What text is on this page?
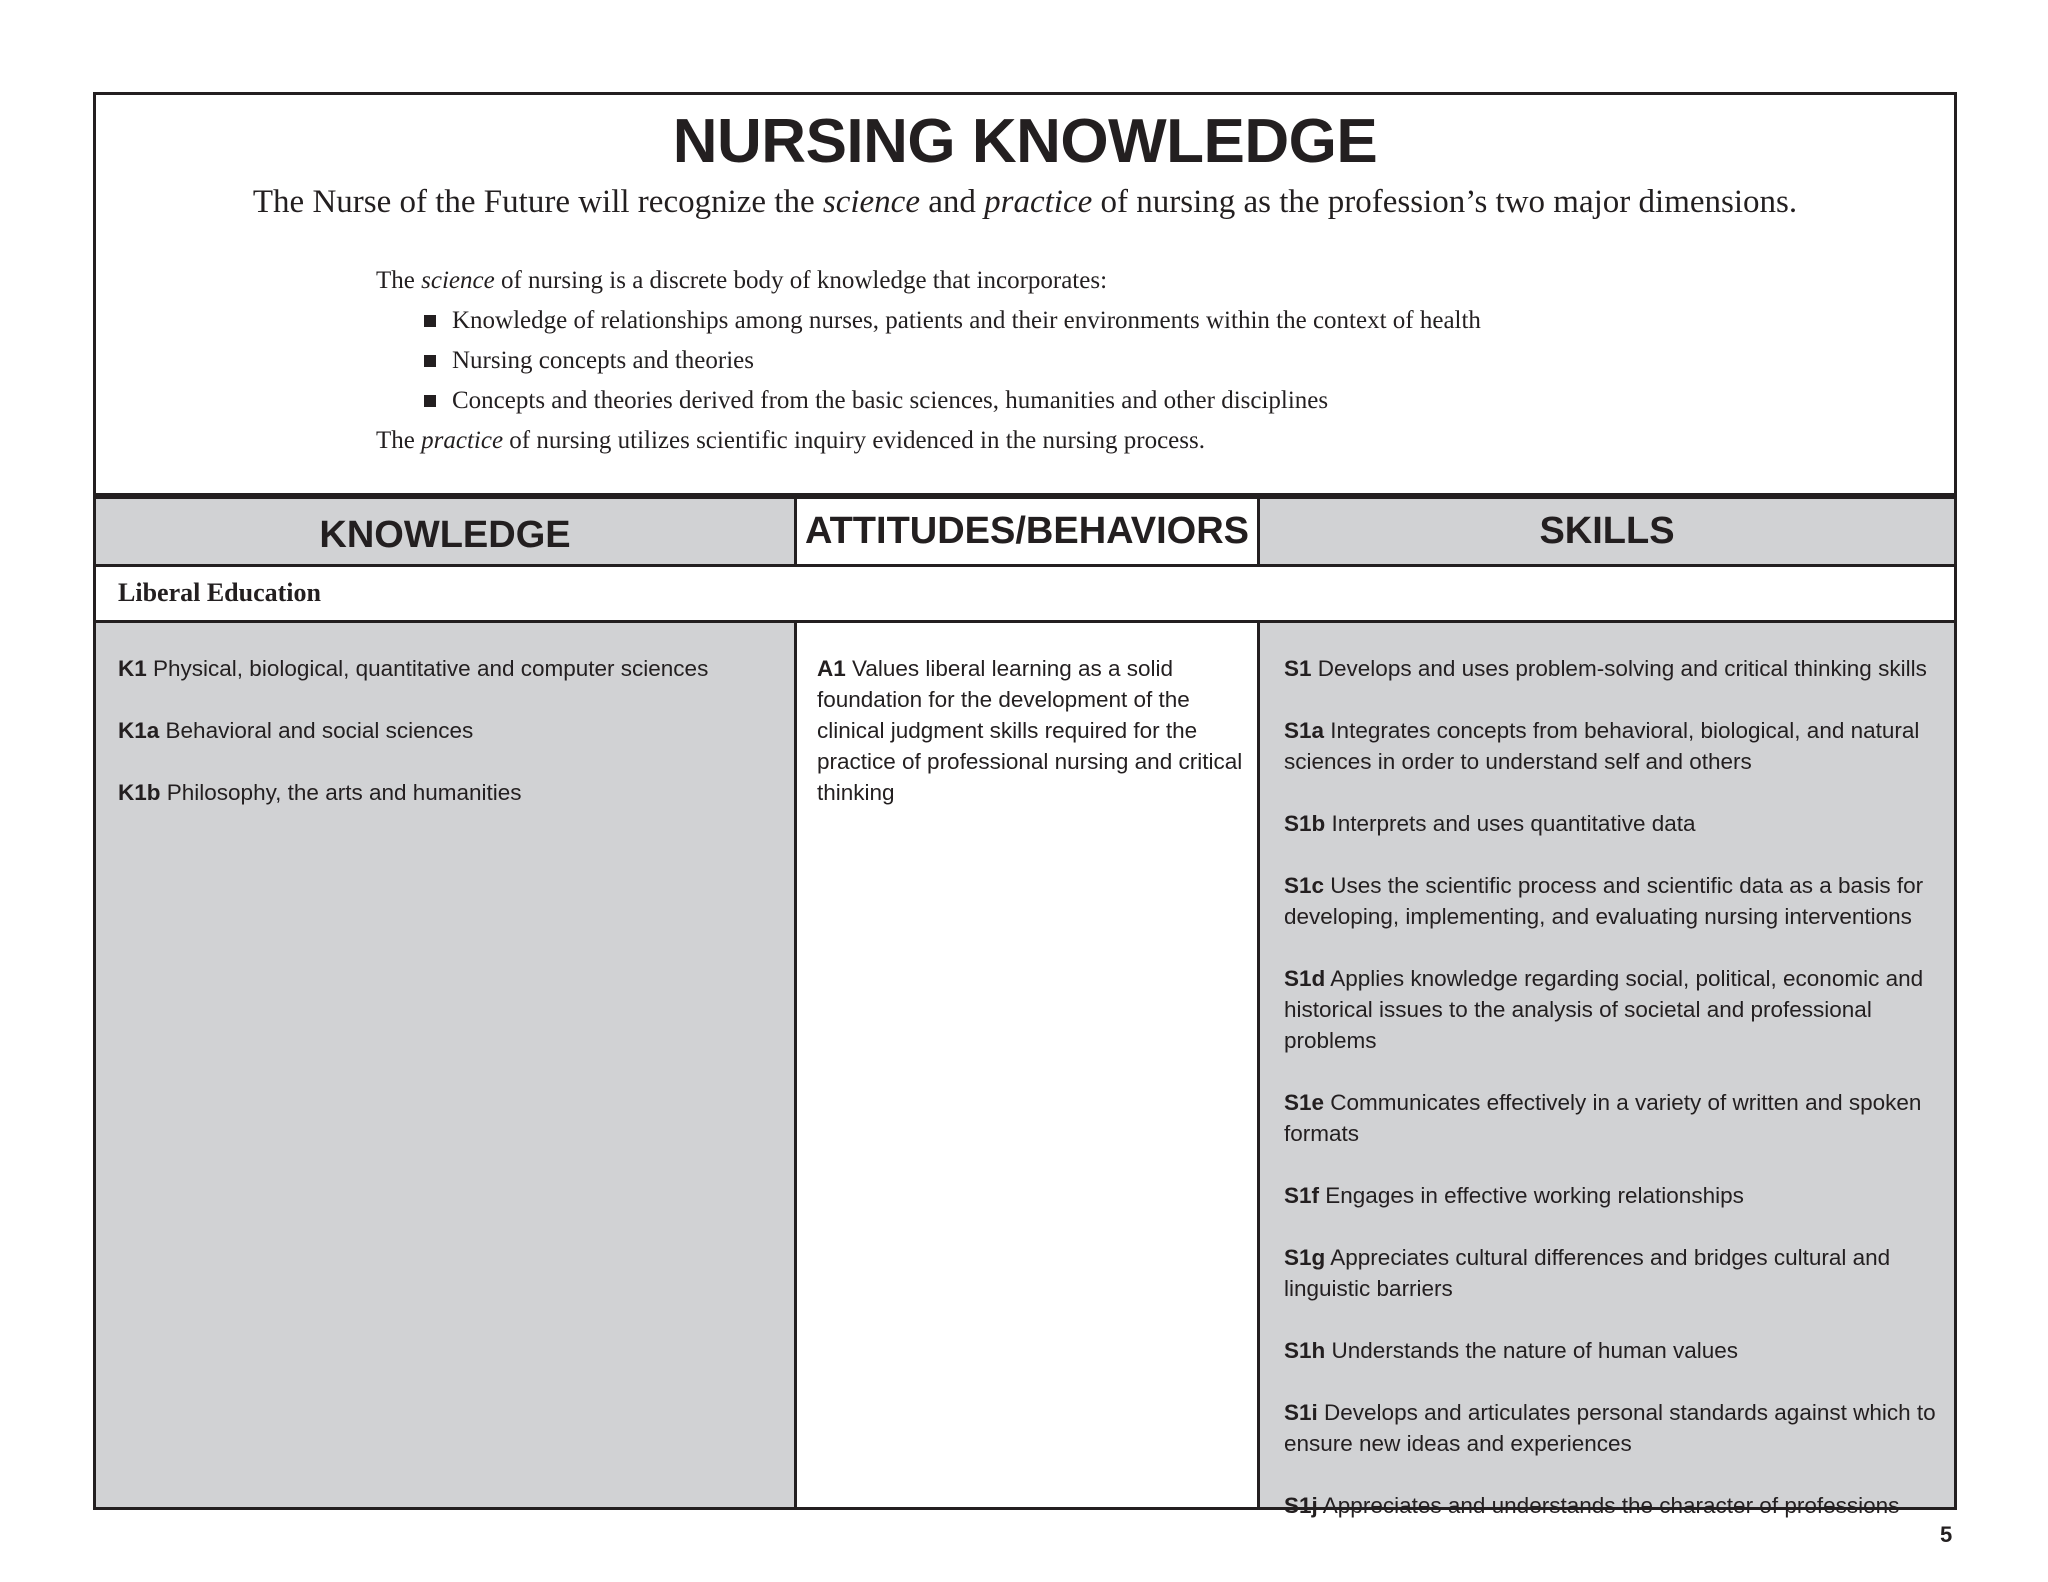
NURSING KNOWLEDGE
The Nurse of the Future will recognize the science and practice of nursing as the profession’s two major dimensions.

The science of nursing is a discrete body of knowledge that incorporates:

Knowledge of relationships among nurses, patients and their environments within the context of health
Nursing concepts and theories
Concepts and theories derived from the basic sciences, humanities and other disciplines

The practice of nursing utilizes scientific inquiry evidenced in the nursing process.

KNOWLEDGE	ATTITUDES/BEHAVIORS	SKILLS
Liberal Education

K1 Physical, biological, quantitative and computer sciences

K1a Behavioral and social sciences

K1b Philosophy, the arts and humanities

A1 Values liberal learning as a solid foundation for the development of the clinical judgment skills required for the practice of professional nursing and critical thinking

S1 Develops and uses problem-solving and critical thinking skills

S1a Integrates concepts from behavioral, biological, and natural sciences in order to understand self and others

S1b Interprets and uses quantitative data

S1c Uses the scientific process and scientific data as a basis for developing, implementing, and evaluating nursing interventions

S1d Applies knowledge regarding social, political, economic and historical issues to the analysis of societal and professional problems

S1e Communicates effectively in a variety of written and spoken formats

S1f Engages in effective working relationships

S1g Appreciates cultural differences and bridges cultural and linguistic barriers

S1h Understands the nature of human values

S1i Develops and articulates personal standards against which to ensure new ideas and experiences

S1j Appreciates and understands the character of professions

5
